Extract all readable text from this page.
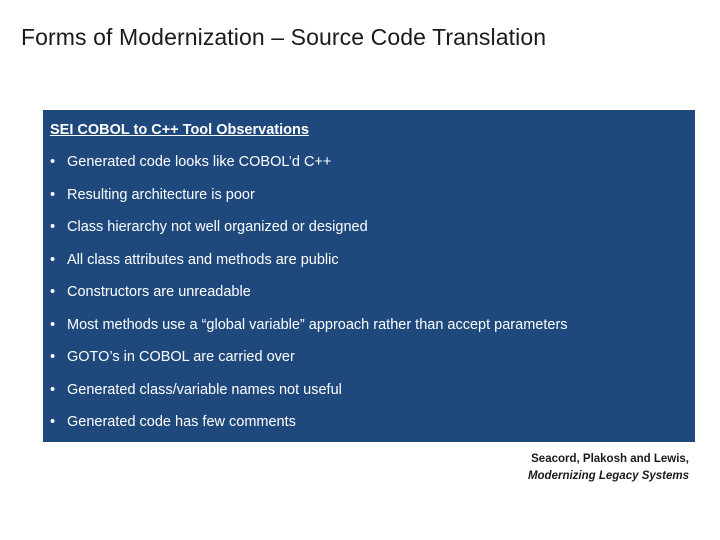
Forms of Modernization – Source Code Translation
SEI COBOL to C++ Tool Observations
• Generated code looks like COBOL’d C++
• Resulting architecture is poor
• Class hierarchy not well organized or designed
• All class attributes and methods are public
• Constructors are unreadable
• Most methods use a “global variable” approach rather than accept parameters
• GOTO’s in COBOL are carried over
• Generated class/variable names not useful
• Generated code has few comments
Seacord, Plakosh and Lewis,
Modernizing Legacy Systems
